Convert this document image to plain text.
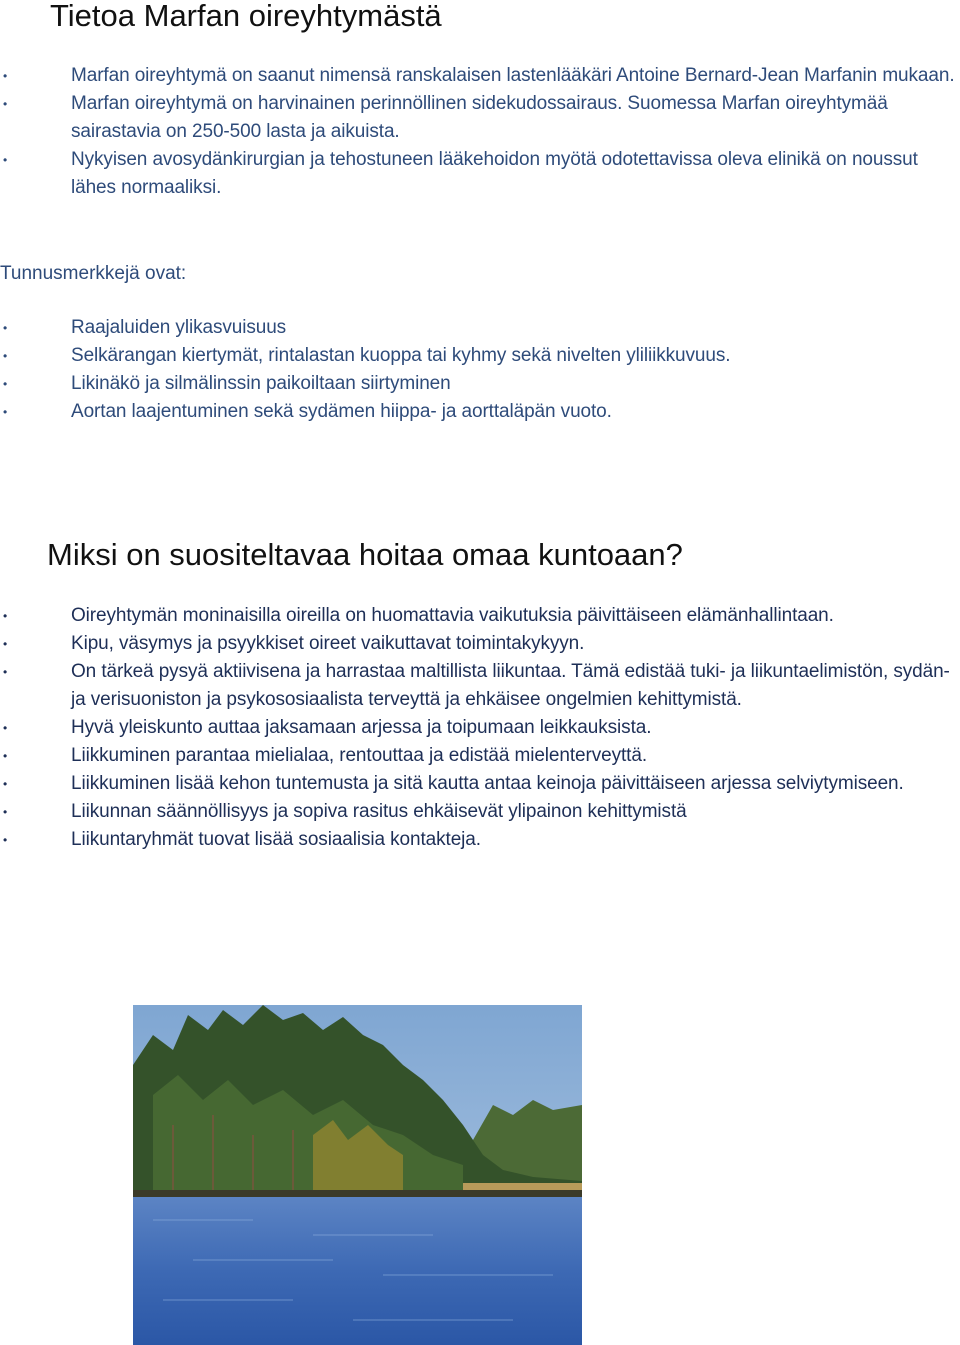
Tietoa Marfan oireyhtymästä
•	Marfan oireyhtymä on saanut nimensä ranskalaisen lastenlääkäri Antoine Bernard-Jean Marfanin mukaan.
•	Marfan oireyhtymä on harvinainen perinnöllinen sidekudossairaus. Suomessa Marfan oireyhtymää sairastavia on 250-500 lasta ja aikuista.
•	Nykyisen avosydänkirurgian ja tehostuneen lääkehoidon myötä odotettavissa oleva elinikä on noussut lähes normaaliksi.

Tunnusmerkkejä ovat:

•	Raajaluiden ylikasvuisuus
•	Selkärangan kiertymät, rintalastan kuoppa tai kyhmy sekä nivelten yliliikkuvuus.
•	Likinäkö ja silmälinssin paikoiltaan siirtyminen
•	Aortan laajentuminen sekä sydämen hiippa- ja aorttaläpän vuoto.
Miksi on suositeltavaa hoitaa omaa kuntoaan?
•	Oireyhtymän moninaisilla oireilla on huomattavia vaikutuksia päivittäiseen elämänhallintaan.
•	Kipu, väsymys ja psyykkiset oireet vaikuttavat toimintakykyyn.
•	On tärkeä pysyä aktiivisena ja harrastaa maltillista liikuntaa. Tämä edistää tuki- ja liikuntaelimistön, sydän- ja verisuoniston ja psykososiaalista terveyttä ja ehkäisee ongelmien kehittymistä.
•	Hyvä yleiskunto auttaa jaksamaan arjessa ja toipumaan leikkauksista.
•	Liikkuminen parantaa mielialaa, rentouttaa ja edistää mielenterveyttä.
•	Liikkuminen lisää kehon tuntemusta ja sitä kautta antaa keinoja päivittäiseen arjessa selviytymiseen.
•	Liikunnan säännöllisyys ja sopiva rasitus ehkäisevät ylipainon kehittymistä
•	Liikuntaryhmät tuovat lisää sosiaalisia kontakteja.
